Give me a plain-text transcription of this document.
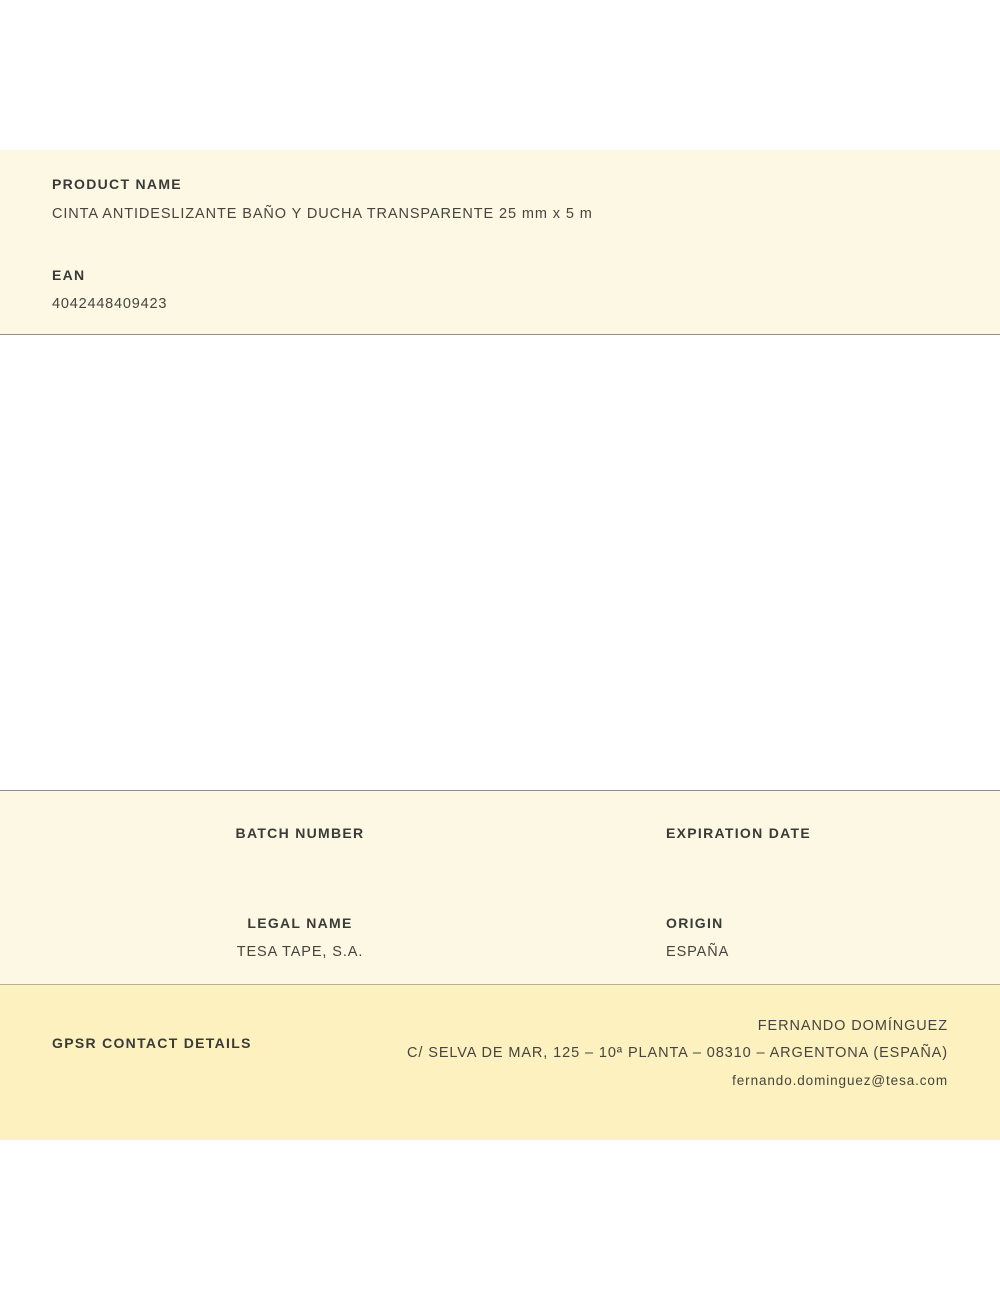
PRODUCT NAME
CINTA ANTIDESLIZANTE BAÑO Y DUCHA TRANSPARENTE 25 mm x 5 m
EAN
4042448409423
BATCH NUMBER	EXPIRATION DATE
LEGAL NAME
TESA TAPE, S.A.
ORIGIN
ESPAÑA
GPSR CONTACT DETAILS
FERNANDO DOMÍNGUEZ
C/ SELVA DE MAR, 125 – 10ª PLANTA – 08310 – ARGENTONA (ESPAÑA)
fernando.dominguez@tesa.com
